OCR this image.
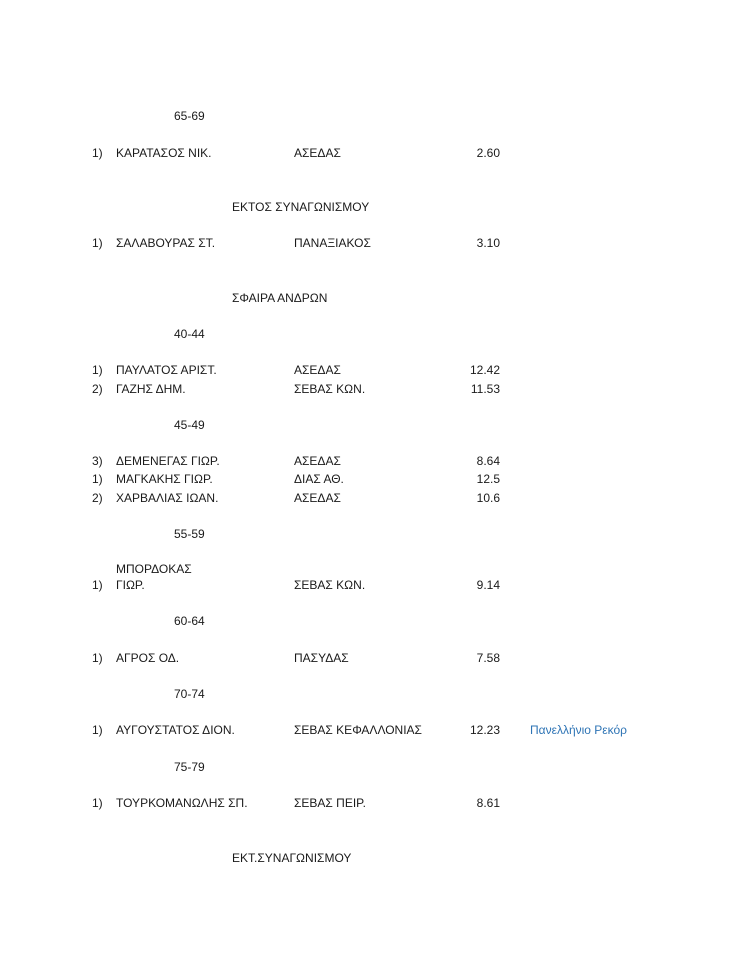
65-69
1) ΚΑΡΑΤΑΣΟΣ ΝΙΚ.	ΑΣΕΔΑΣ	2.60
ΕΚΤΟΣ ΣΥΝΑΓΩΝΙΣΜΟΥ
1) ΣΑΛΑΒΟΥΡΑΣ ΣΤ.	ΠΑΝΑΞΙΑΚΟΣ	3.10
ΣΦΑΙΡΑ ΑΝΔΡΩΝ
40-44
1) ΠΑΥΛΑΤΟΣ ΑΡΙΣΤ.	ΑΣΕΔΑΣ	12.42
2) ΓΑΖΗΣ ΔΗΜ.	ΣΕΒΑΣ ΚΩΝ.	11.53
45-49
3) ΔΕΜΕΝΕΓΑΣ ΓΙΩΡ.	ΑΣΕΔΑΣ	8.64
1) ΜΑΓΚΑΚΗΣ ΓΙΩΡ.	ΔΙΑΣ ΑΘ.	12.5
2) ΧΑΡΒΑΛΙΑΣ ΙΩΑΝ.	ΑΣΕΔΑΣ	10.6
55-59
ΜΠΟΡΔΟΚΑΣ
1) ΓΙΩΡ.	ΣΕΒΑΣ ΚΩΝ.	9.14
60-64
1) ΑΓΡΟΣ ΟΔ.	ΠΑΣΥΔΑΣ	7.58
70-74
1) ΑΥΓΟΥΣΤΑΤΟΣ ΔΙΟΝ.	ΣΕΒΑΣ ΚΕΦΑΛΛΟΝΙΑΣ	12.23	Πανελλήνιο Ρεκόρ
75-79
1) ΤΟΥΡΚΟΜΑΝΩΛΗΣ ΣΠ.	ΣΕΒΑΣ ΠΕΙΡ.	8.61
ΕΚΤ.ΣΥΝΑΓΩΝΙΣΜΟΥ
